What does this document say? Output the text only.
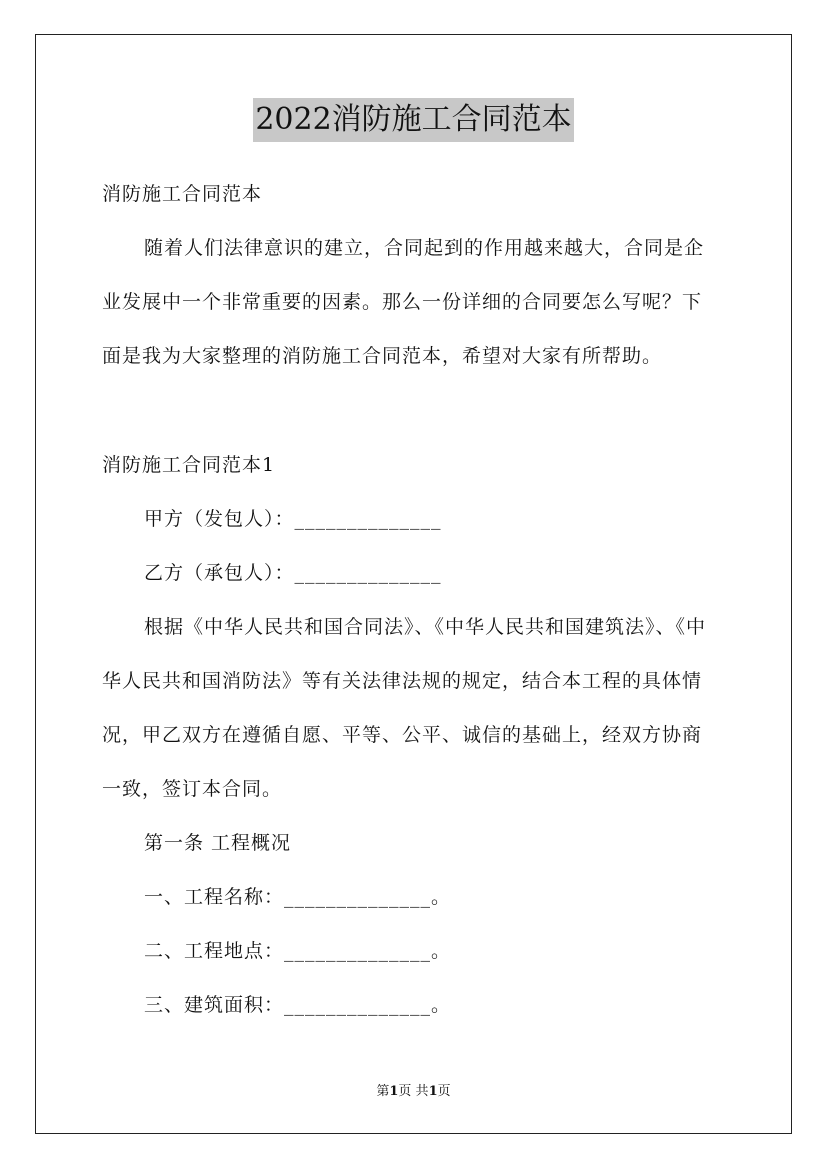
2022消防施工合同范本
消防施工合同范本
随着人们法律意识的建立，合同起到的作用越来越大，合同是企
业发展中一个非常重要的因素。那么一份详细的合同要怎么写呢？下
面是我为大家整理的消防施工合同范本，希望对大家有所帮助。
消防施工合同范本1
甲方（发包人）：______________
乙方（承包人）：______________
根据《中华人民共和国合同法》、《中华人民共和国建筑法》、《中
华人民共和国消防法》等有关法律法规的规定，结合本工程的具体情
况，甲乙双方在遵循自愿、平等、公平、诚信的基础上，经双方协商
一致，签订本合同。
第一条 工程概况
一、工程名称：______________。
二、工程地点：______________。
三、建筑面积：______________。
第1页 共1页
